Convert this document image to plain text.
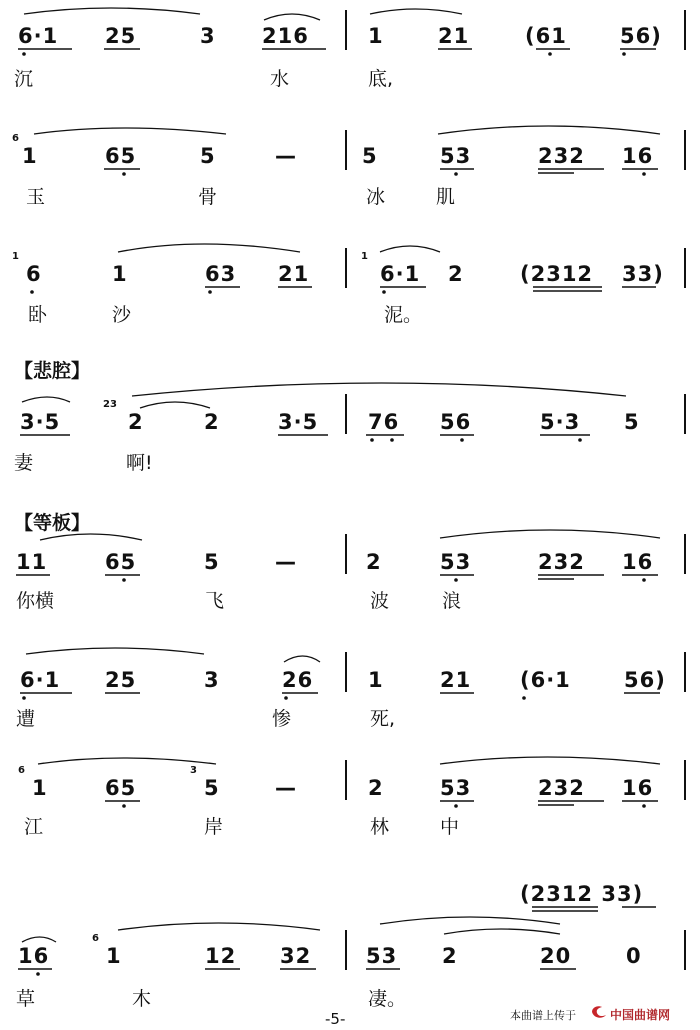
6·1 25	3 216	1	21	(61	56)
沉	水	底,
6
1	65	5	—	5	53	232 16
玉	骨	冰	肌
1
6	1	63 21	6·1 2	(2312 33)
1
卧	沙	泥。
【悲腔】
3·5
23
2	2	3·5 76 56	5·3 5
妻	啊!
【等板】
11	65	5	—	2	53	232 16
你横	飞	波	浪
6·1 25	3	26	1	21 (6·1	56)
遭	惨	死,
6
1	65
3
5	—	2	53	232 16
江	岸	林	中
(2312 33)
16
6
1	12 32	53 2	20	0
草	木	凄。
-5-	本曲谱上传于	中国曲谱网
